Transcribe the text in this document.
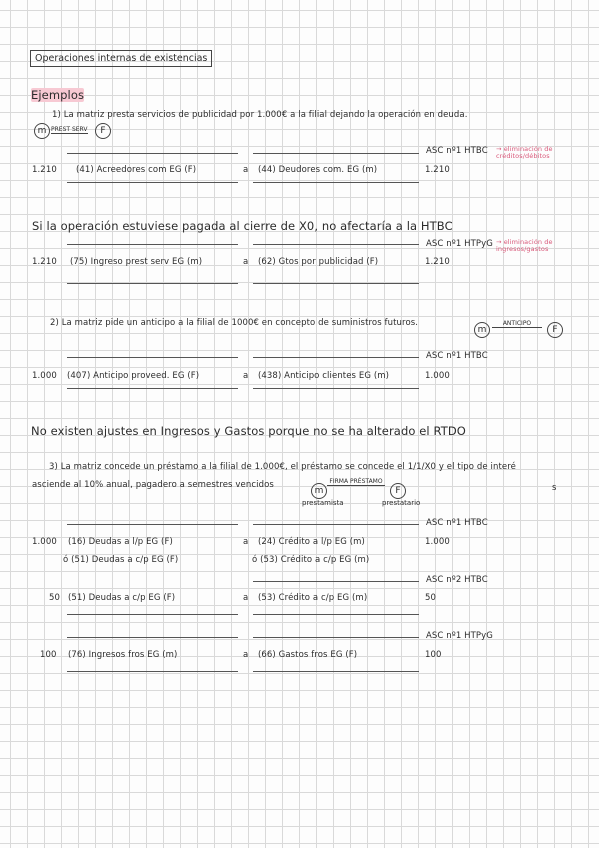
Operaciones internas de existencias
Ejemplos
1) La matriz presta servicios de publicidad por 1.000€ a la filial dejando la operación en deuda.
m PREST SERV	F
ASC nº1 HTBC → eliminación de créditos/débitos
1.210 (41) Acreedores com EG (F)	a (44) Deudores com. EG (m)	1.210
Si la operación estuviese pagada al cierre de X0, no afectaría a la HTBC
ASC nº1 HTPyG → eliminación de ingresos/gastos
1.210 (75) Ingreso prest serv EG (m)	a (62) Gtos por publicidad (F)	1.210
2) La matriz pide un anticipo a la filial de 1000€ en concepto de suministros futuros.
m
ANTICIPO
F
ASC nº1 HTBC
1.000 (407) Anticipo proveed. EG (F)	a (438) Anticipo clientes EG (m)	1.000
No existen ajustes en Ingresos y Gastos porque no se ha alterado el RTDO
3) La matriz concede un préstamo a la filial de 1.000€, el préstamo se concede el 1/1/X0 y el tipo de interé
asciende al 10% anual, pagadero a semestres vencidos
m
FIRMA PRÉSTAMO
F
prestamista	prestatario
s
ASC nº1 HTBC
1.000 (16) Deudas a l/p EG (F)	a (24) Crédito a l/p EG (m)	1.000
ó (51) Deudas a c/p EG (F)	ó (53) Crédito a c/p EG (m)
ASC nº2 HTBC
50 (51) Deudas a c/p EG (F)	a (53) Crédito a c/p EG (m)	50
ASC nº1 HTPyG
100 (76) Ingresos fros EG (m)	a (66) Gastos fros EG (F)	100
